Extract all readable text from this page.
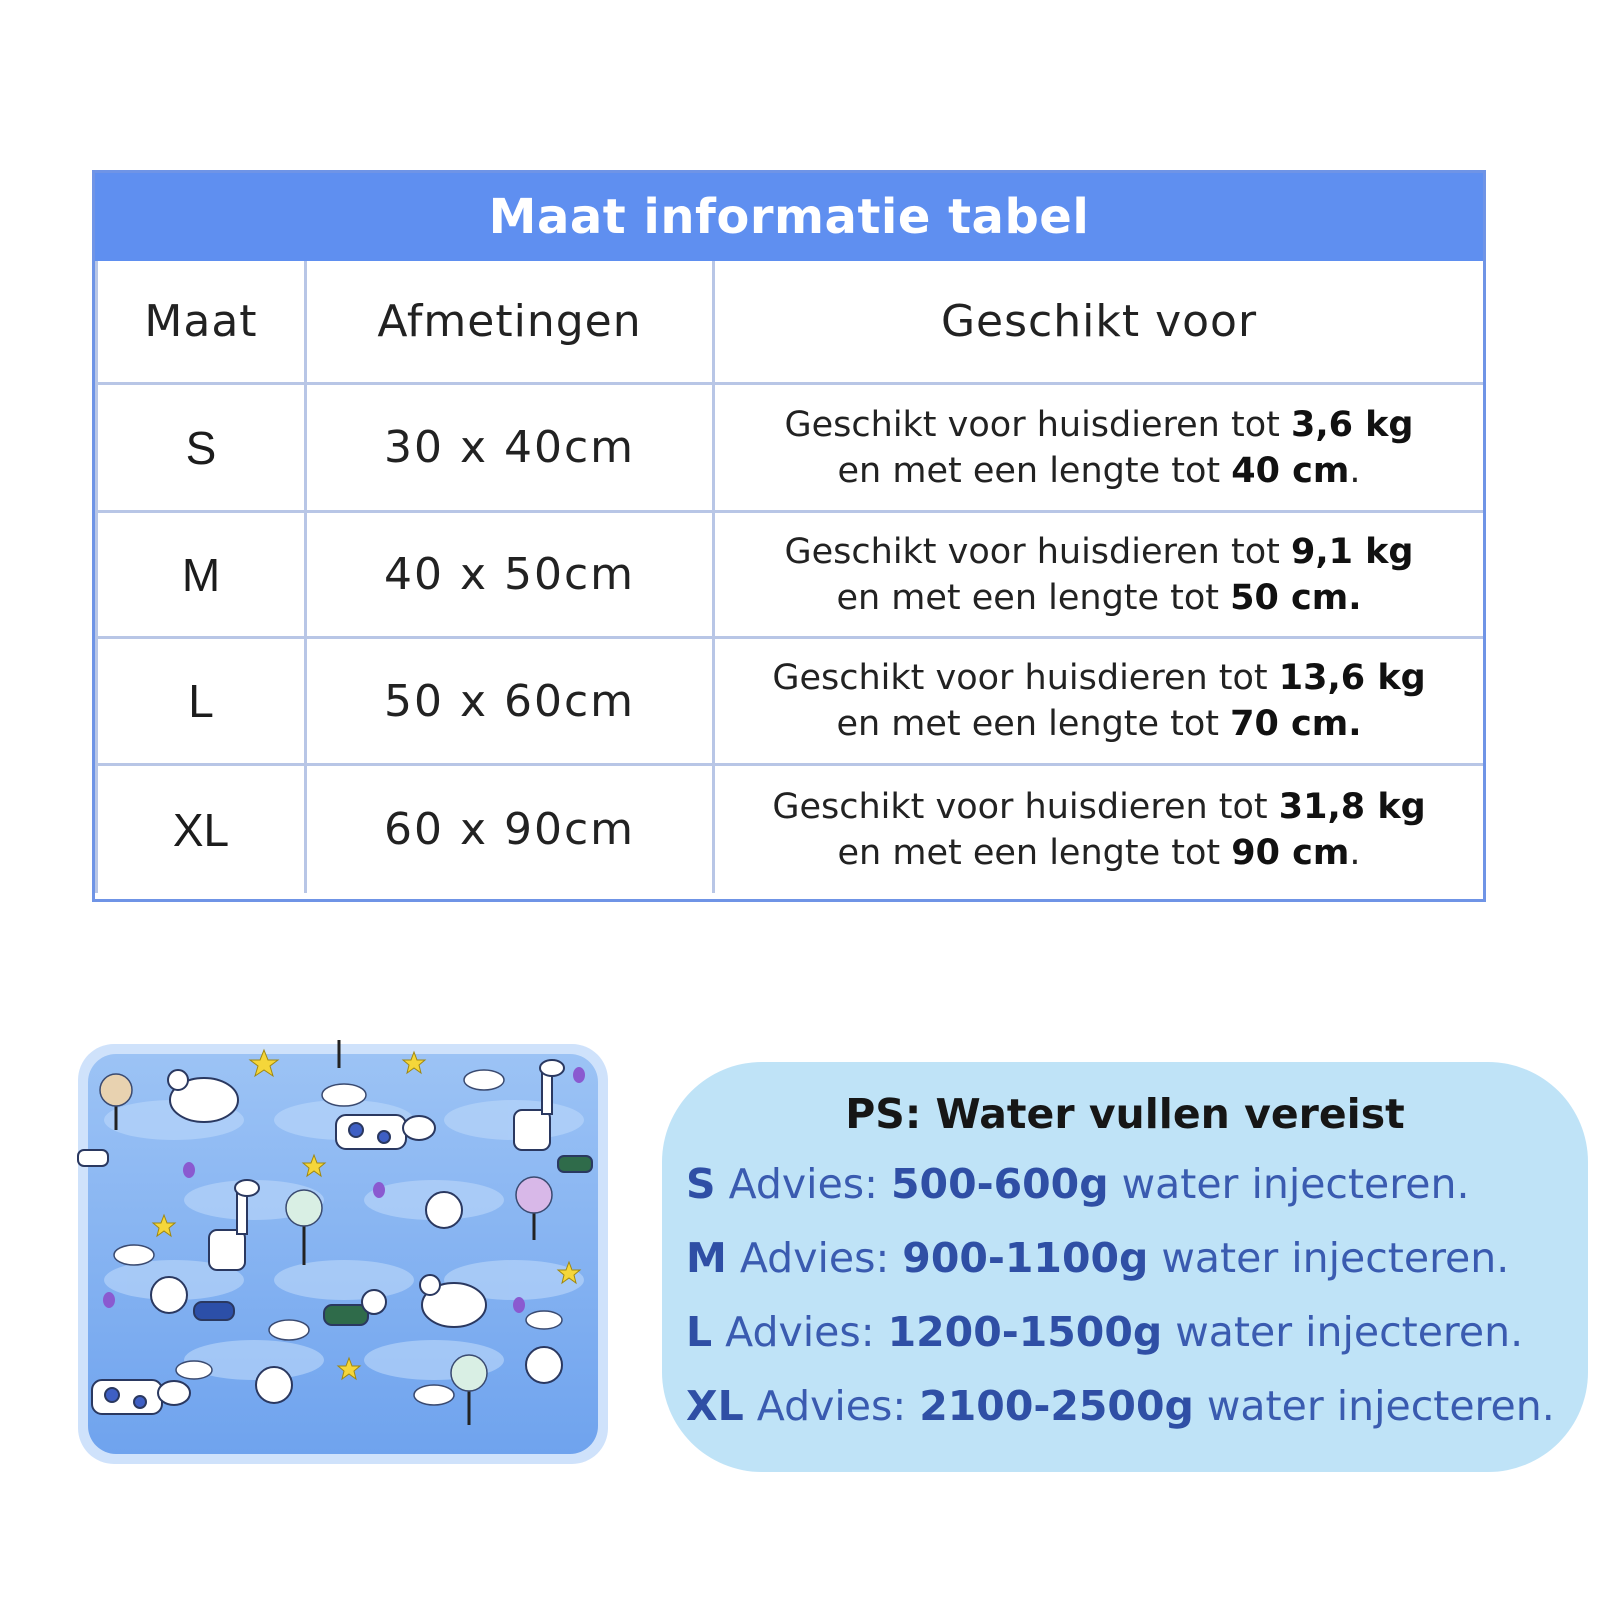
Maat informatie tabel
Maat	Afmetingen	Geschikt voor
S	30 x 40cm	Geschikt voor huisdieren tot 3,6 kg
en met een lengte tot 40 cm.
M	40 x 50cm	Geschikt voor huisdieren tot 9,1 kg
en met een lengte tot 50 cm.
L	50 x 60cm	Geschikt voor huisdieren tot 13,6 kg
en met een lengte tot 70 cm.
XL	60 x 90cm	Geschikt voor huisdieren tot 31,8 kg
en met een lengte tot 90 cm.
PS: Water vullen vereist
S Advies: 500-600g water injecteren.
M Advies: 900-1100g water injecteren.
L Advies: 1200-1500g water injecteren.
XL Advies: 2100-2500g water injecteren.
